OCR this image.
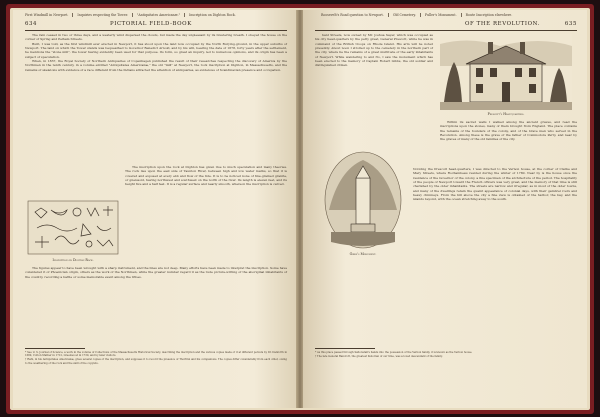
First Windmill in Newport.	Inquiries respecting the Tower.	"Antiquitates Americanæ."	Inscription on Dighton Rock.
634	PICTORIAL FIELD-BOOK

The rain ceased in two or three days, and a westerly wind dispersed the clouds, but made the day unpleasant by its blustering breath. I obeyed the house on the corner of Spring and Pelham Streets.

Built, I was told, as the first windmill ever erected in Newport, it has stood upon the land now occupied by the North Burying-ground, in the upper suburbs of Newport. The land on which the Tower stands was bequeathed to Governor Benedict Arnold, and by his will, bearing the date of 1678, forty years after the settlement, he mentions the "stone mill", the tower having evidently been used for that purpose. Its form, so great an inquiry, led to numerous opinions, and its origin has been a subject of speculation.

When, in 1837, the Royal Society of Northern Antiquaries of Copenhagen published the result of their researches respecting the discovery of America by the Northmen in the tenth century, in a volume entitled "Antiquitates Americanæ," the old "mill" at Newport, the rock inscription at Dighton, in Massachusetts, and the remains of skeletons with evidence of a race different from the Indians attracted the attention of antiquaries, as evidences of Scandinavian presence and occupation.

Inscription on Dighton Rock.

The inscription upon the rock at Dighton has given rise to much speculation and many theories. The rock lies upon the east side of Taunton River, between high and low water marks, so that it is covered and exposed at every ebb and flow of the tide. It is to be noticed none of fine-grained granite, or gneissoid, having northwest and southwest on the north of the river. Its length is eleven feet, and its height five and a half feet. It is a regular surface and nearly smooth, whereon the inscription is carved.

The figures appear to have been wrought with a sharp instrument, and the lines are not deep. Many efforts have been made to interpret the inscription. Some have considered it of Phoenician origin, others as the work of the Northmen, while the greater number regard it as the rude picture-writing of the aboriginal inhabitants of the country, recording a battle or some memorable event among the tribes.

* See U. S. Journal of Science, a work in the volume of Collections of the Massachusetts Historical Society, describing the inscription and the various copies made of it at different periods by Dr. Danforth in 1680, Cotton Mather in 1712, Greenwood in 1730, and by later visitors.

† Rafn, in his Antiquitates Americanæ, gives several copies of the inscription, and supposes it to record the presence of Thorfinn and his companions. The copies differ considerably from each other, owing to the weathering of the rock and the skill of the copyists.

Roosevelt's Road question to Newport.	Old Cemetery.	Fuller's Monument.	Route Inscription elsewhere.
OF THE REVOLUTION.	635

hant Streets, now owned by Mr. Joshua Sayer, which was occupied as his city head-quarters by the petty great, General Prescott, while he was in command of the British troops on Rhode Island. His arm will be noted presently. About noon I strolled up to the cemetery in the northern part of the city, where lie the remains of a great multitude of the early inhabitants of Newport. While wandering to and fro, I saw the monument which has been erected to the memory of Captain Robert Gibbs, the old soldier and distinguished citizen.

Prescott's Head-quarters.

Within its sacred walls I walked among the ancient graves, and read the inscriptions upon the stones, many of them brought from England. The place contains the remains of the founders of the colony, and of the brave men who served in the Revolution. Among these is the grave of the father of Commodore Perry, and near by the graves of many of the old families of the city.

Gibbs's Monument.

Noticing the Prescott head-quarters, I was directed to the Vernon house, at the corner of Clarke and Mary Streets, where Rochambeau resided during the winter of 1780. Near by is the house once the residence of the Governor of the colony, a fine specimen of the architecture of the period. The hospitality of the people of Newport toward the French officers was very great, and the memory of that time is still cherished by the older inhabitants. The streets are narrow and irregular, as in most of the older towns, and many of the dwellings retain the quaint appearance of colonial days, with their gambrel roofs and heavy chimneys. From the hill above the city a fine view is obtained of the harbor, the bay, and the islands beyond, with the ocean stretching away to the south.

* As this place passed through Saltonstall's hands into the possession of the Vernon family, it is known as the Vernon house.

† The late General Bancroft, the greatest historian of our time, was a loved descendant of the family.
